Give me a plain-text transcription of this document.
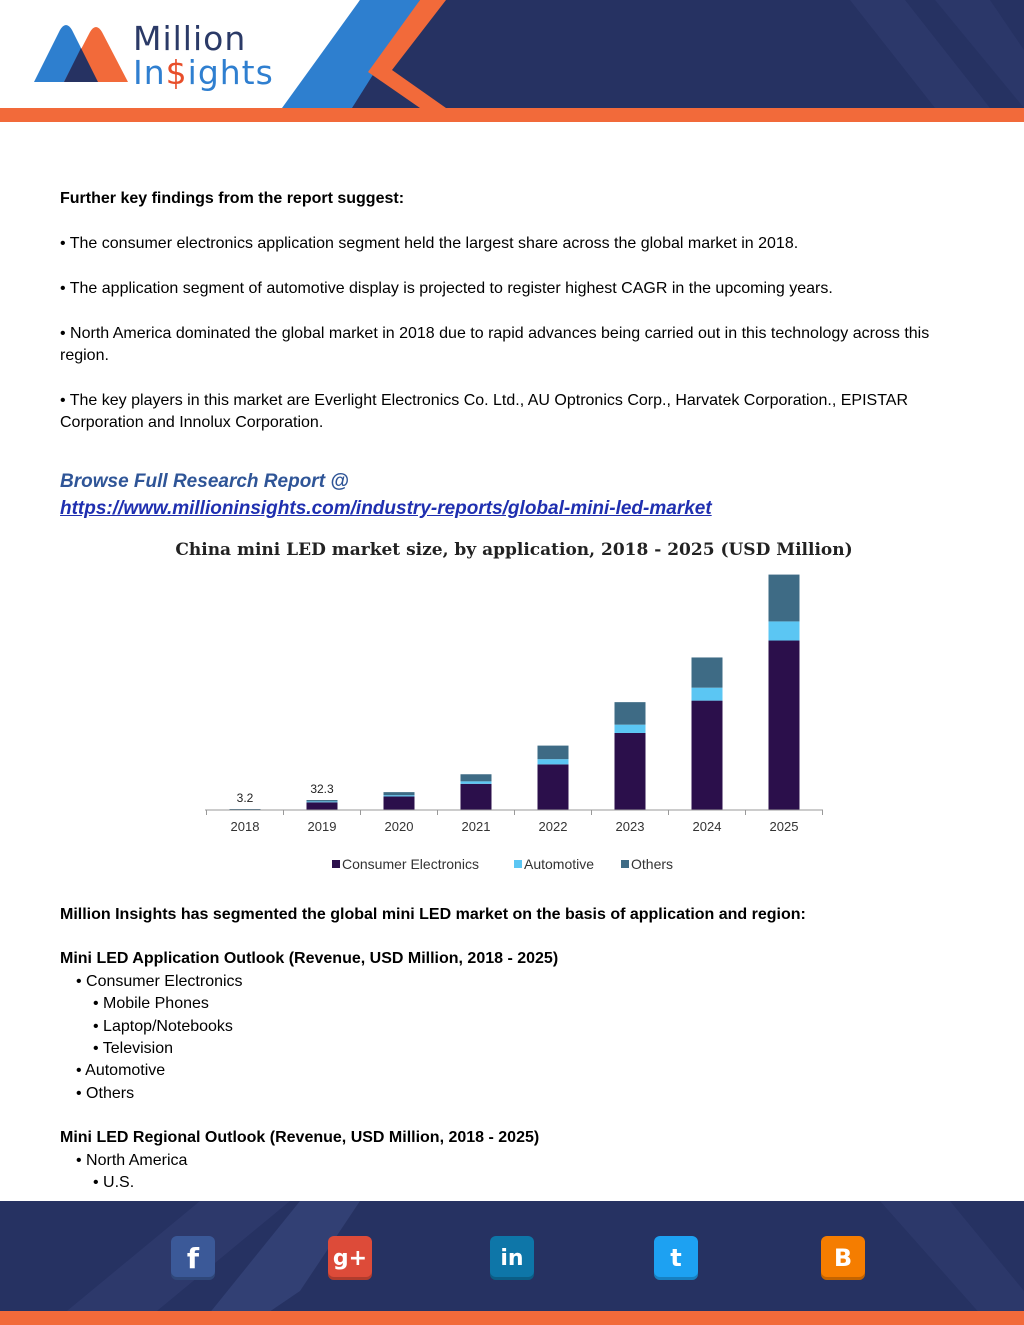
Million
In$ights

Further key findings from the report suggest:

• The consumer electronics application segment held the largest share across the global market in 2018.

• The application segment of automotive display is projected to register highest CAGR in the upcoming years.

• North America dominated the global market in 2018 due to rapid advances being carried out in this technology across this region.

• The key players in this market are Everlight Electronics Co. Ltd., AU Optronics Corp., Harvatek Corporation., EPISTAR Corporation and Innolux Corporation.

Browse Full Research Report @

https://www.millioninsights.com/industry-reports/global-mini-led-market

China mini LED market size, by application, 2018 - 2025 (USD Million)
3.2
32.3
2018	2019	2020	2021	2022	2023	2024	2025
Consumer Electronics	Automotive	Others

Million Insights has segmented the global mini LED market on the basis of application and region:

Mini LED Application Outlook (Revenue, USD Million, 2018 - 2025)

• Consumer Electronics

• Mobile Phones

• Laptop/Notebooks

• Television

• Automotive

• Others

Mini LED Regional Outlook (Revenue, USD Million, 2018 - 2025)

• North America

• U.S.

f	g+	in	t	B
